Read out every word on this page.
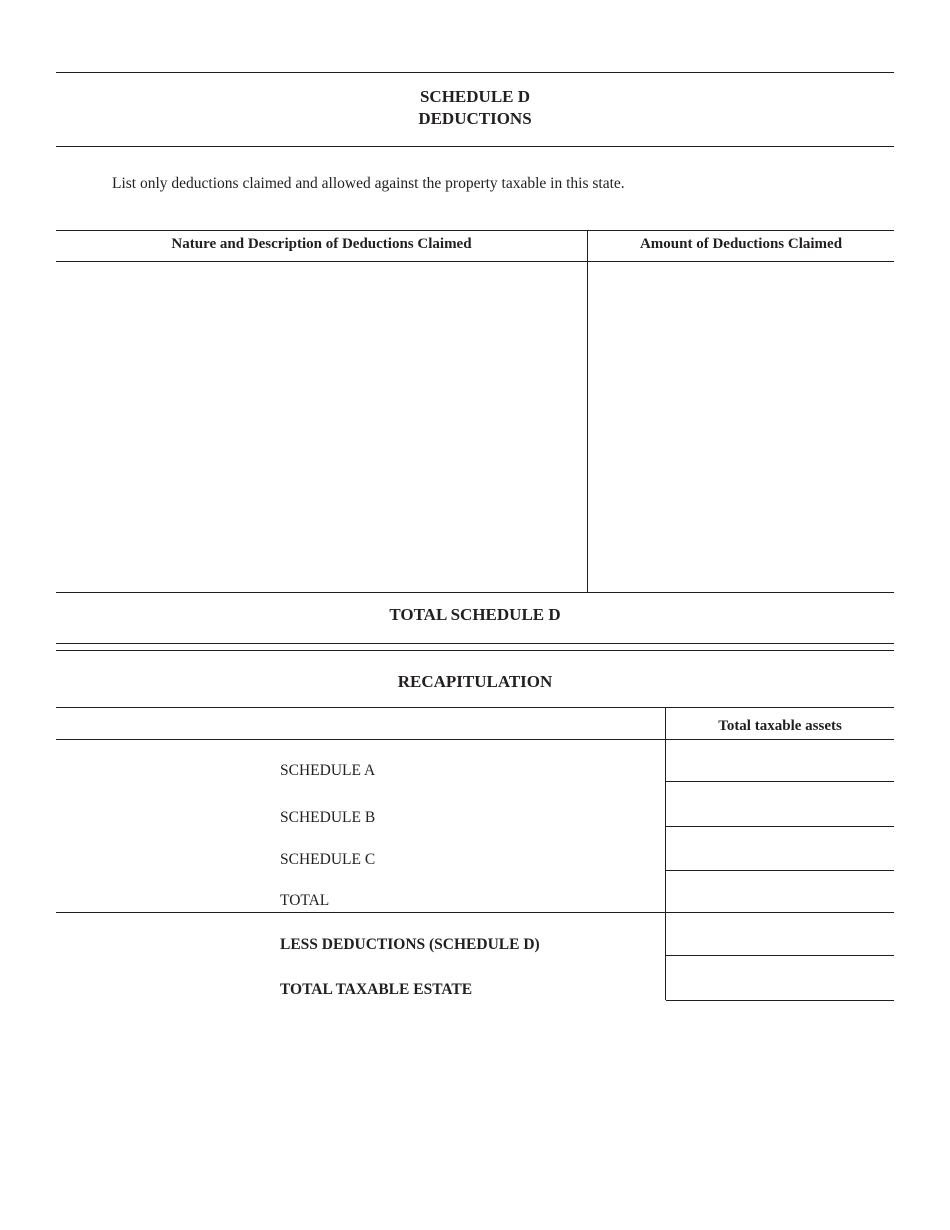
SCHEDULE D
DEDUCTIONS
List only deductions claimed and allowed against the property taxable in this state.
Nature and Description of Deductions Claimed	Amount of Deductions Claimed
TOTAL SCHEDULE D
RECAPITULATION
Total taxable assets
SCHEDULE A
SCHEDULE B
SCHEDULE C
TOTAL
LESS DEDUCTIONS (SCHEDULE D)
TOTAL TAXABLE ESTATE
